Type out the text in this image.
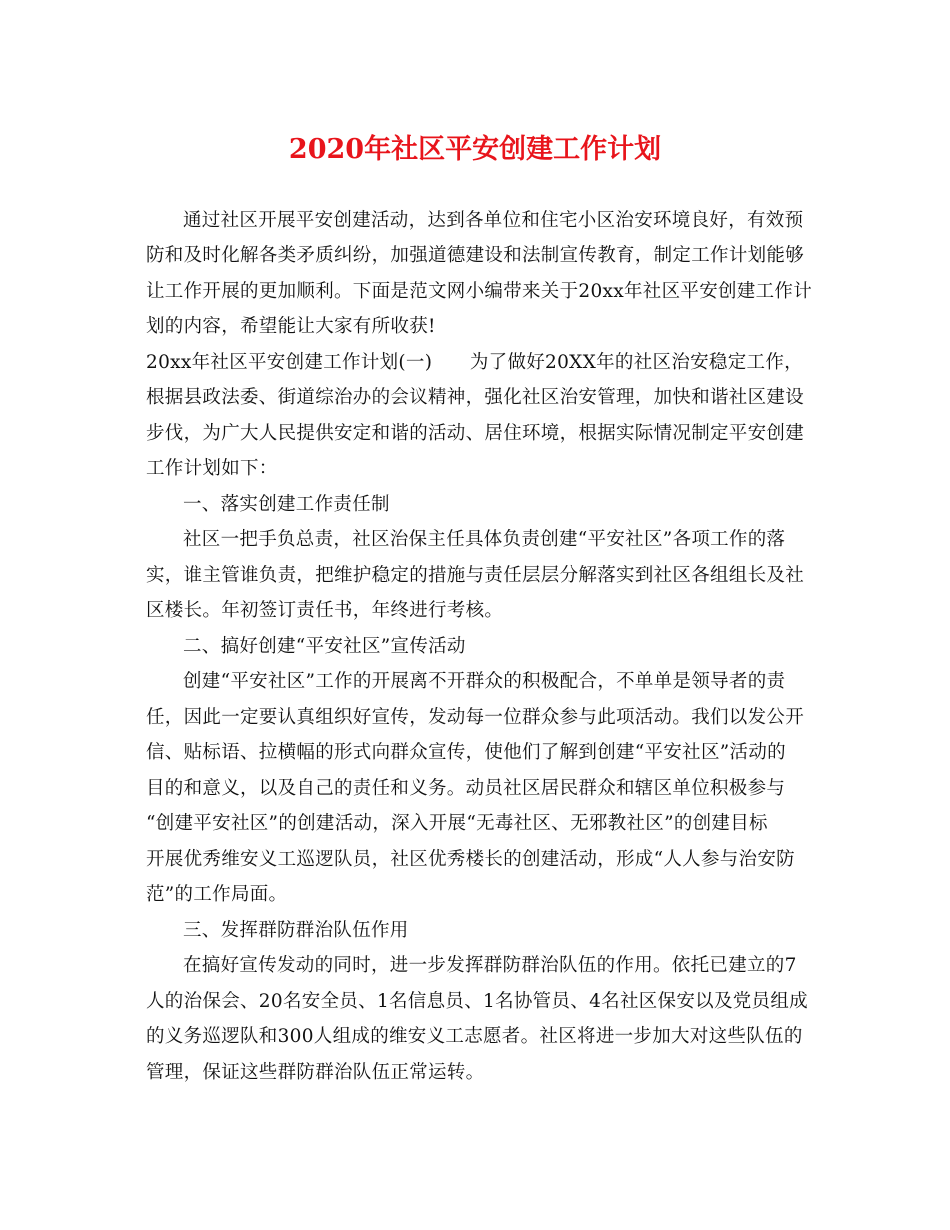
2020年社区平安创建工作计划
通过社区开展平安创建活动，达到各单位和住宅小区治安环境良好，有效预
防和及时化解各类矛质纠纷，加强道德建设和法制宣传教育，制定工作计划能够
让工作开展的更加顺利。下面是范文网小编带来关于20xx年社区平安创建工作计
划的内容，希望能让大家有所收获!
20xx年社区平安创建工作计划(一)　　为了做好20XX年的社区治安稳定工作，
根据县政法委、街道综治办的会议精神，强化社区治安管理，加快和谐社区建设
步伐，为广大人民提供安定和谐的活动、居住环境，根据实际情况制定平安创建
工作计划如下：
一、落实创建工作责任制
社区一把手负总责，社区治保主任具体负责创建“平安社区”各项工作的落
实，谁主管谁负责，把维护稳定的措施与责任层层分解落实到社区各组组长及社
区楼长。年初签订责任书，年终进行考核。
二、搞好创建“平安社区”宣传活动
创建“平安社区”工作的开展离不开群众的积极配合，不单单是领导者的责
任，因此一定要认真组织好宣传，发动每一位群众参与此项活动。我们以发公开
信、贴标语、拉横幅的形式向群众宣传，使他们了解到创建“平安社区”活动的
目的和意义，以及自己的责任和义务。动员社区居民群众和辖区单位积极参与
“创建平安社区”的创建活动，深入开展“无毒社区、无邪教社区”的创建目标
开展优秀维安义工巡逻队员，社区优秀楼长的创建活动，形成“人人参与治安防
范”的工作局面。
三、发挥群防群治队伍作用
在搞好宣传发动的同时，进一步发挥群防群治队伍的作用。依托已建立的7
人的治保会、20名安全员、1名信息员、1名协管员、4名社区保安以及党员组成
的义务巡逻队和300人组成的维安义工志愿者。社区将进一步加大对这些队伍的
管理，保证这些群防群治队伍正常运转。
